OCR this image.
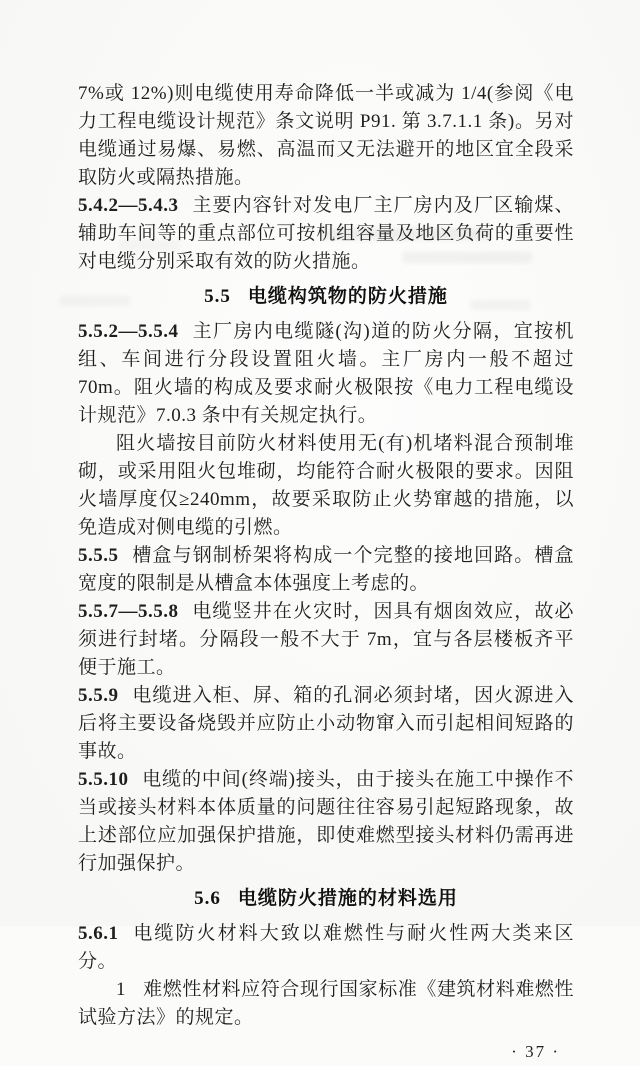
7%或 12%)则电缆使用寿命降低一半或减为 1/4(参阅《电力工程电缆设计规范》条文说明 P91. 第 3.7.1.1 条)。另对电缆通过易爆、易燃、高温而又无法避开的地区宜全段采取防火或隔热措施。

5.4.2—5.4.3 主要内容针对发电厂主厂房内及厂区输煤、辅助车间等的重点部位可按机组容量及地区负荷的重要性对电缆分别采取有效的防火措施。

5.5 电缆构筑物的防火措施

5.5.2—5.5.4 主厂房内电缆隧(沟)道的防火分隔，宜按机组、车间进行分段设置阻火墙。主厂房内一般不超过 70m。阻火墙的构成及要求耐火极限按《电力工程电缆设计规范》7.0.3 条中有关规定执行。

阻火墙按目前防火材料使用无(有)机堵料混合预制堆砌，或采用阻火包堆砌，均能符合耐火极限的要求。因阻火墙厚度仅≥240mm，故要采取防止火势窜越的措施，以免造成对侧电缆的引燃。

5.5.5 槽盒与钢制桥架将构成一个完整的接地回路。槽盒宽度的限制是从槽盒本体强度上考虑的。

5.5.7—5.5.8 电缆竖井在火灾时，因具有烟囱效应，故必须进行封堵。分隔段一般不大于 7m，宜与各层楼板齐平便于施工。

5.5.9 电缆进入柜、屏、箱的孔洞必须封堵，因火源进入后将主要设备烧毁并应防止小动物窜入而引起相间短路的事故。

5.5.10 电缆的中间(终端)接头，由于接头在施工中操作不当或接头材料本体质量的问题往往容易引起短路现象，故上述部位应加强保护措施，即使难燃型接头材料仍需再进行加强保护。

5.6 电缆防火措施的材料选用

5.6.1 电缆防火材料大致以难燃性与耐火性两大类来区分。

1 难燃性材料应符合现行国家标准《建筑材料难燃性试验方法》的规定。

· 37 ·
